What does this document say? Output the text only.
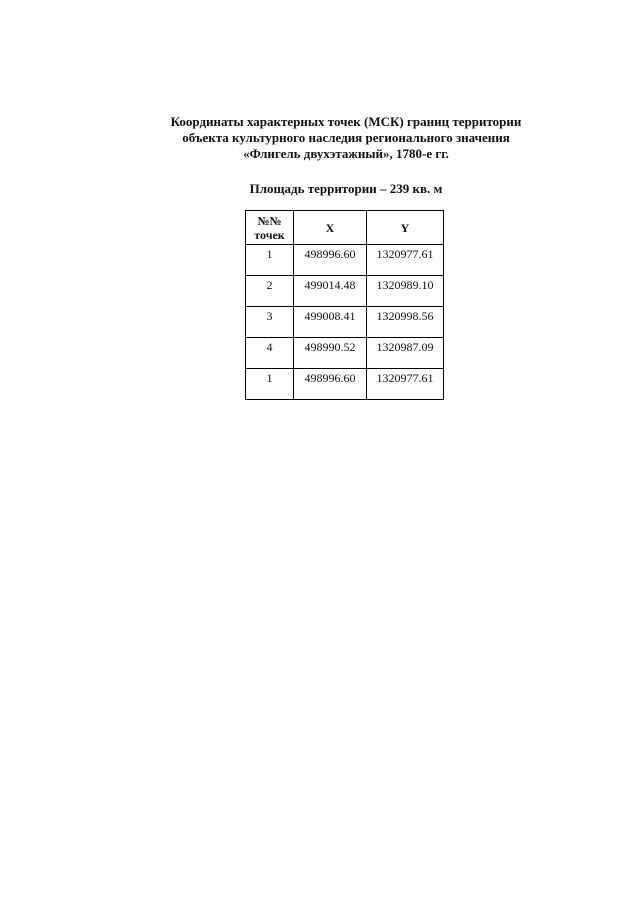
Координаты характерных точек (МСК) границ территории
объекта культурного наследия регионального значения
«Флигель двухэтажный», 1780-е гг.
Площадь территории – 239 кв. м
№№
точек	X	Y
1	498996.60	1320977.61
2	499014.48	1320989.10
3	499008.41	1320998.56
4	498990.52	1320987.09
1	498996.60	1320977.61
